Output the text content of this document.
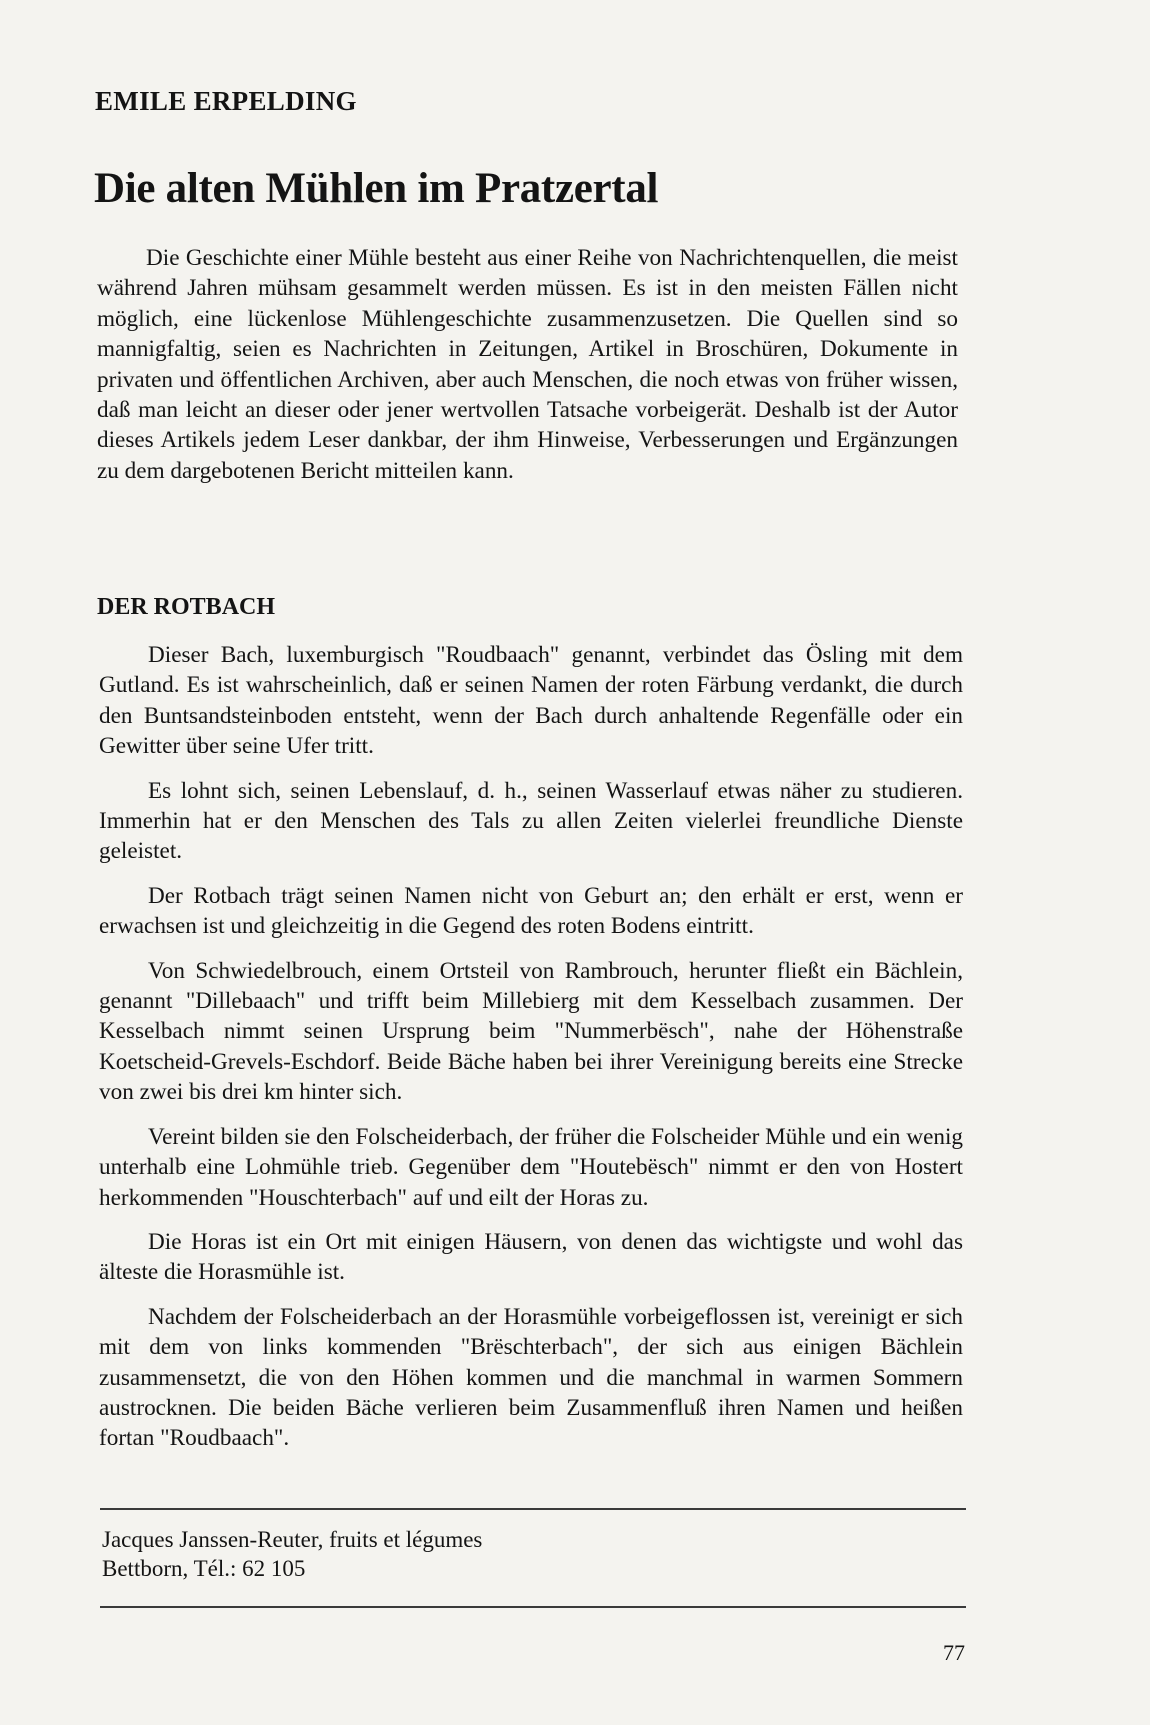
EMILE ERPELDING
Die alten Mühlen im Pratzertal

Die Geschichte einer Mühle besteht aus einer Reihe von Nachrichtenquellen, die meist während Jahren mühsam gesammelt werden müssen. Es ist in den meisten Fällen nicht möglich, eine lückenlose Mühlengeschichte zusammenzusetzen. Die Quellen sind so mannigfaltig, seien es Nachrichten in Zeitungen, Artikel in Broschüren, Dokumente in privaten und öffentlichen Archiven, aber auch Menschen, die noch etwas von früher wissen, daß man leicht an dieser oder jener wertvollen Tatsache vorbeigerät. Deshalb ist der Autor dieses Artikels jedem Leser dankbar, der ihm Hinweise, Verbesserungen und Ergänzungen zu dem dargebotenen Bericht mitteilen kann.

DER ROTBACH

Dieser Bach, luxemburgisch "Roudbaach" genannt, verbindet das Ösling mit dem Gutland. Es ist wahrscheinlich, daß er seinen Namen der roten Färbung verdankt, die durch den Buntsandsteinboden entsteht, wenn der Bach durch anhaltende Regenfälle oder ein Gewitter über seine Ufer tritt.

Es lohnt sich, seinen Lebenslauf, d. h., seinen Wasserlauf etwas näher zu studieren. Immerhin hat er den Menschen des Tals zu allen Zeiten vielerlei freundliche Dienste geleistet.

Der Rotbach trägt seinen Namen nicht von Geburt an; den erhält er erst, wenn er erwachsen ist und gleichzeitig in die Gegend des roten Bodens eintritt.

Von Schwiedelbrouch, einem Ortsteil von Rambrouch, herunter fließt ein Bächlein, genannt "Dillebaach" und trifft beim Millebierg mit dem Kesselbach zusammen. Der Kesselbach nimmt seinen Ursprung beim "Nummerbësch", nahe der Höhenstraße Koetscheid-Grevels-Eschdorf. Beide Bäche haben bei ihrer Vereinigung bereits eine Strecke von zwei bis drei km hinter sich.

Vereint bilden sie den Folscheiderbach, der früher die Folscheider Mühle und ein wenig unterhalb eine Lohmühle trieb. Gegenüber dem "Houtebësch" nimmt er den von Hostert herkommenden "Houschterbach" auf und eilt der Horas zu.

Die Horas ist ein Ort mit einigen Häusern, von denen das wichtigste und wohl das älteste die Horasmühle ist.

Nachdem der Folscheiderbach an der Horasmühle vorbeigeflossen ist, vereinigt er sich mit dem von links kommenden "Brëschterbach", der sich aus einigen Bächlein zusammensetzt, die von den Höhen kommen und die manchmal in warmen Sommern austrocknen. Die beiden Bäche verlieren beim Zusammenfluß ihren Namen und heißen fortan "Roudbaach".

Jacques Janssen-Reuter, fruits et légumes
Bettborn, Tél.: 62 105
77
